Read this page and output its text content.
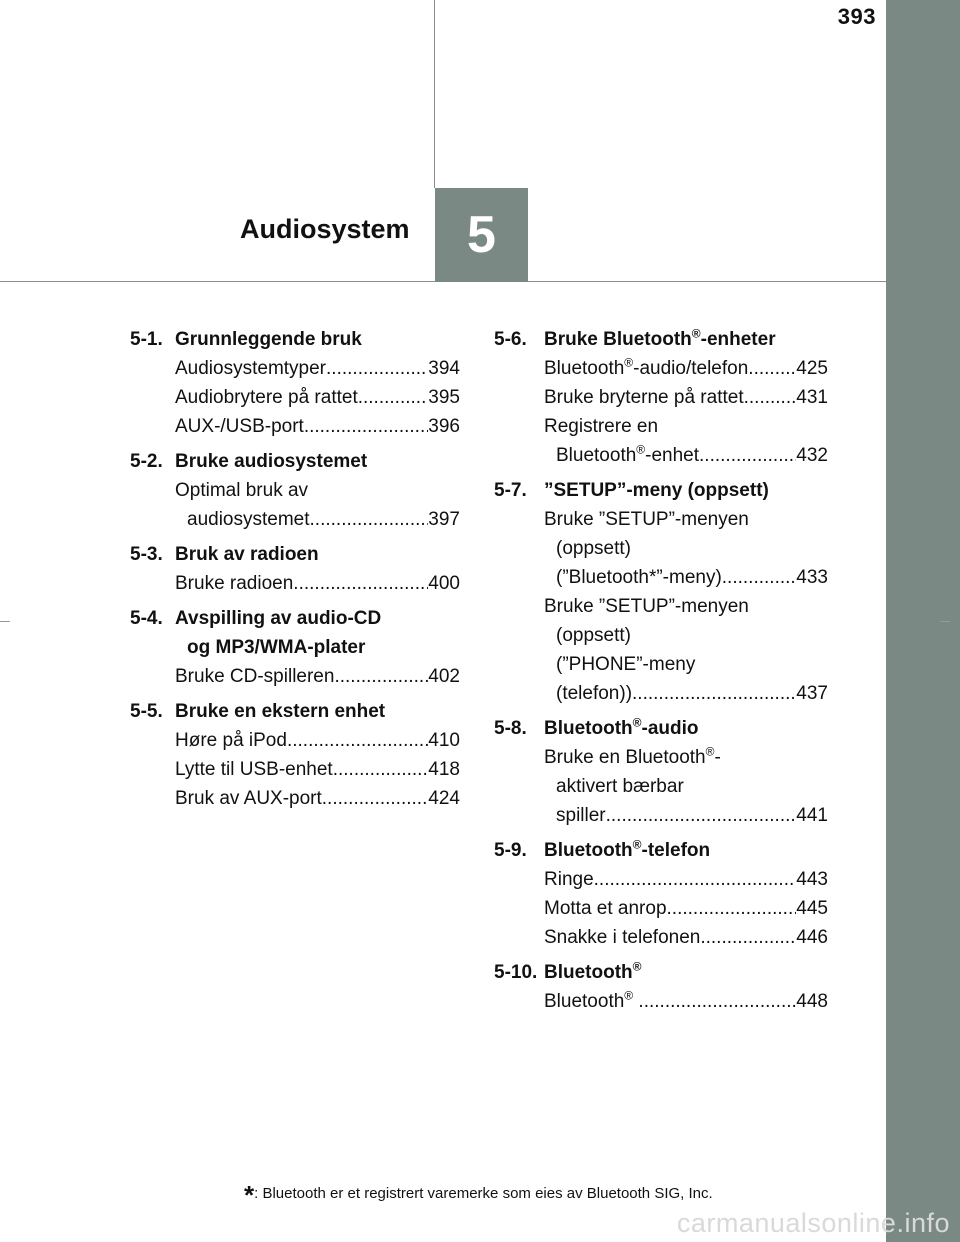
393
5
Audiosystem
5-1. Grunnleggende bruk
Audiosystemtyper .....	394
Audiobrytere på rattet .....	395
AUX-/USB-port .....	396
5-2. Bruke audiosystemet
Optimal bruk av
audiosystemet .....	397
5-3. Bruk av radioen
Bruke radioen .....	400
5-4. Avspilling av audio-CD
og MP3/WMA-plater
Bruke CD-spilleren .....	402
5-5. Bruke en ekstern enhet
Høre på iPod .....	410
Lytte til USB-enhet .....	418
Bruk av AUX-port .....	424
5-6. Bruke Bluetooth®-enheter
Bluetooth®-audio/telefon .....	425
Bruke bryterne på rattet .....	431
Registrere en
Bluetooth®-enhet .....	432
5-7. ”SETUP”-meny (oppsett)
Bruke ”SETUP”-menyen
(oppsett)
(”Bluetooth*”-meny) .....	433
Bruke ”SETUP”-menyen
(oppsett)
(”PHONE”-meny
(telefon)) .....	437
5-8. Bluetooth®-audio
Bruke en Bluetooth®-
aktivert bærbar
spiller .....	441
5-9. Bluetooth®-telefon
Ringe .....	443
Motta et anrop .....	445
Snakke i telefonen .....	446
5-10. Bluetooth®
Bluetooth® .....	448
*: Bluetooth er et registrert varemerke som eies av Bluetooth SIG, Inc.
carmanualsonline.info
